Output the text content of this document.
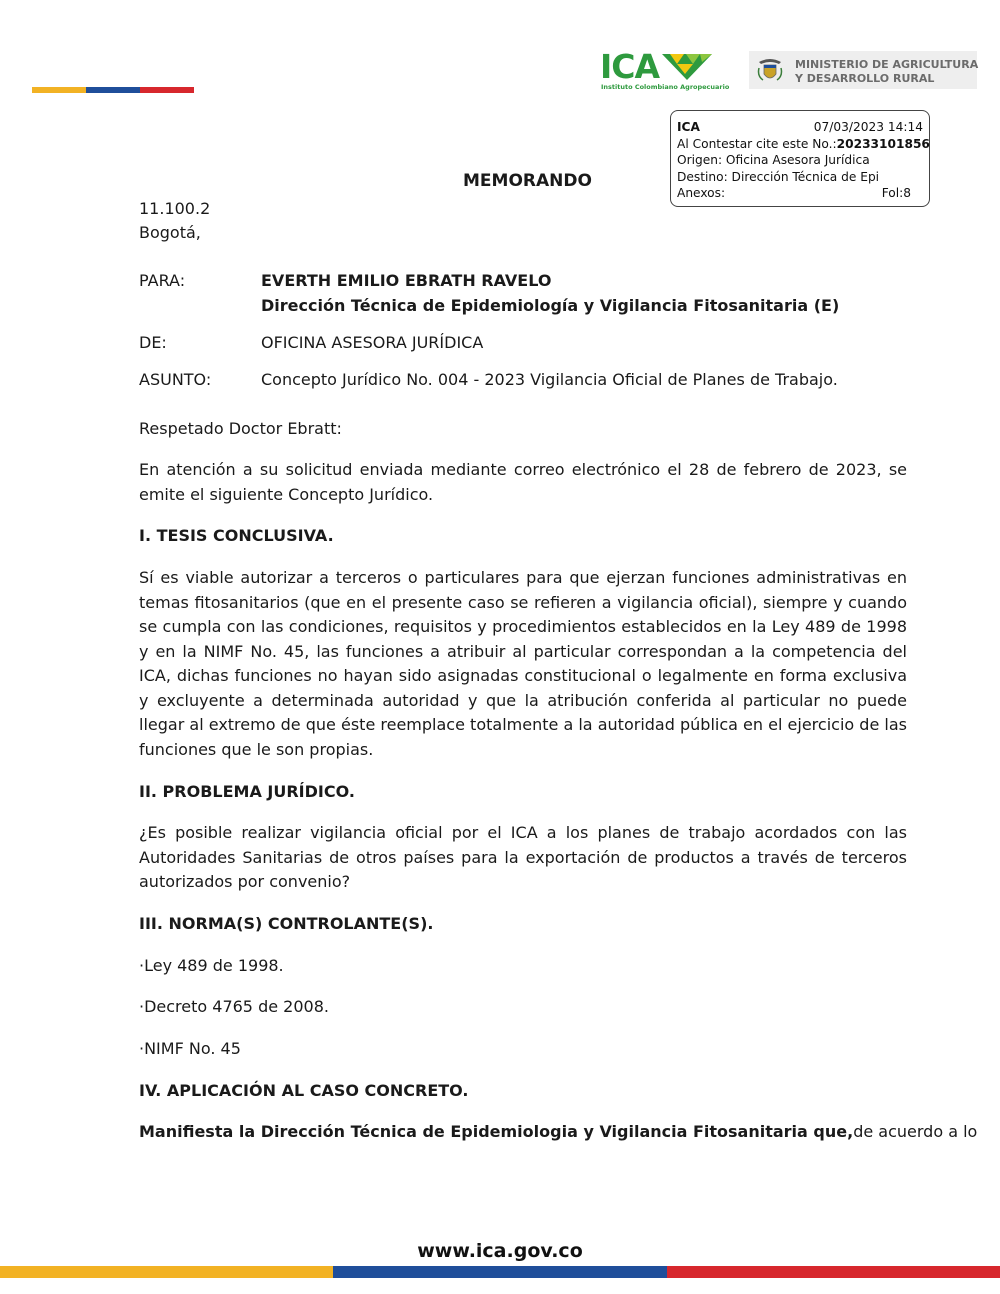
ICA
Instituto Colombiano Agropecuario
MINISTERIO DE AGRICULTURA
Y DESARROLLO RURAL
ICA	07/03/2023 14:14
Al Contestar cite este No.: 20233101856
Origen: Oficina Asesora Jurídica
Destino: Dirección Técnica de Epi
Anexos:	Fol:8
MEMORANDO
11.100.2
Bogotá,
PARA:	EVERTH EMILIO EBRATH RAVELO
Dirección Técnica de Epidemiología y Vigilancia Fitosanitaria (E)
DE:	OFICINA ASESORA JURÍDICA
ASUNTO:	Concepto Jurídico No. 004 - 2023 Vigilancia Oficial de Planes de Trabajo.
Respetado Doctor Ebratt:
En atención a su solicitud enviada mediante correo electrónico el 28 de febrero de 2023, se emite el siguiente Concepto Jurídico.
I. TESIS CONCLUSIVA.
Sí es viable autorizar a terceros o particulares para que ejerzan funciones administrativas en temas fitosanitarios (que en el presente caso se refieren a vigilancia oficial), siempre y cuando se cumpla con las condiciones, requisitos y procedimientos establecidos en la Ley 489 de 1998 y en la NIMF No. 45, las funciones a atribuir al particular correspondan a la competencia del ICA, dichas funciones no hayan sido asignadas constitucional o legalmente en forma exclusiva y excluyente a determinada autoridad y que la atribución conferida al particular no puede llegar al extremo de que éste reemplace totalmente a la autoridad pública en el ejercicio de las funciones que le son propias.
II. PROBLEMA JURÍDICO.
¿Es posible realizar vigilancia oficial por el ICA a los planes de trabajo acordados con las Autoridades Sanitarias de otros países para la exportación de productos a través de terceros autorizados por convenio?
III. NORMA(S) CONTROLANTE(S).
·Ley 489 de 1998.
·Decreto 4765 de 2008.
·NIMF No. 45
IV. APLICACIÓN AL CASO CONCRETO.
Manifiesta la Dirección Técnica de Epidemiologia y Vigilancia Fitosanitaria que, de acuerdo a lo
www.ica.gov.co
